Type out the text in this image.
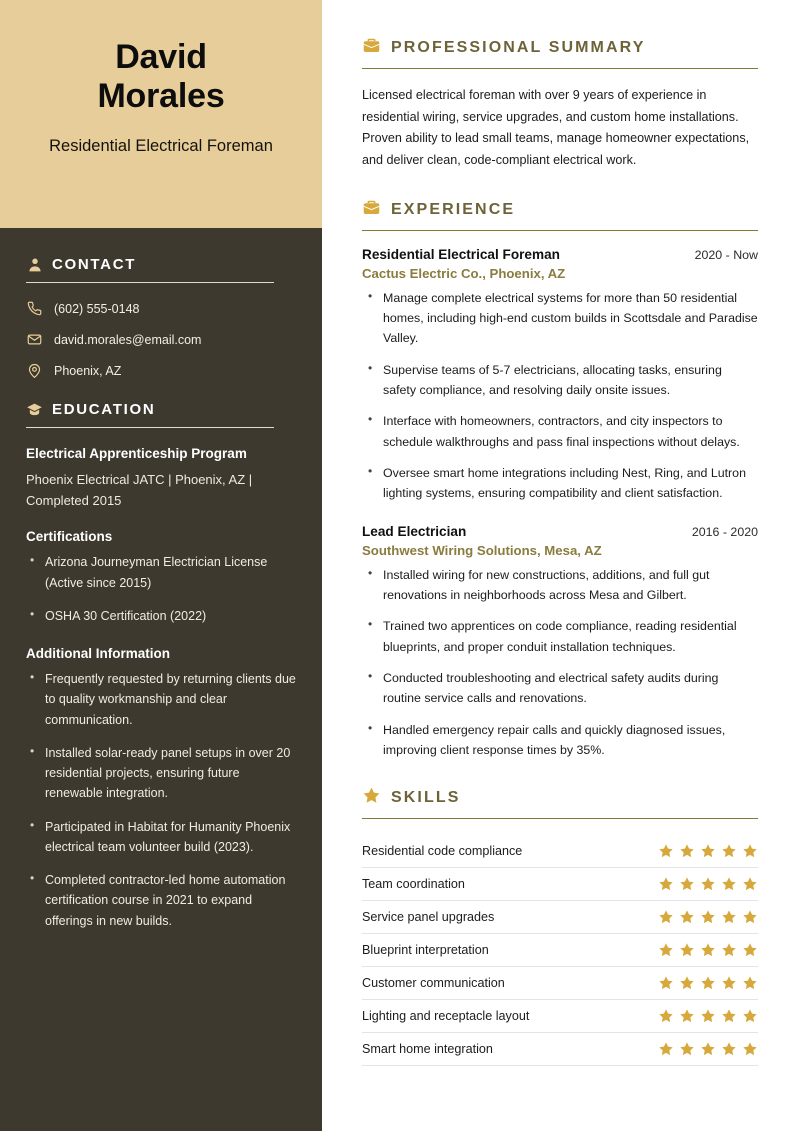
David
Morales
Residential Electrical Foreman
CONTACT
(602) 555-0148
david.morales@email.com
Phoenix, AZ
EDUCATION
Electrical Apprenticeship Program
Phoenix Electrical JATC | Phoenix, AZ | Completed 2015
Certifications
• Arizona Journeyman Electrician License (Active since 2015)
• OSHA 30 Certification (2022)
Additional Information
• Frequently requested by returning clients due to quality workmanship and clear communication.
• Installed solar-ready panel setups in over 20 residential projects, ensuring future renewable integration.
• Participated in Habitat for Humanity Phoenix electrical team volunteer build (2023).
• Completed contractor-led home automation certification course in 2021 to expand offerings in new builds.
PROFESSIONAL SUMMARY

Licensed electrical foreman with over 9 years of experience in residential wiring, service upgrades, and custom home installations. Proven ability to lead small teams, manage homeowner expectations, and deliver clean, code-compliant electrical work.

EXPERIENCE
Residential Electrical Foreman	2020 - Now
Cactus Electric Co., Phoenix, AZ
• Manage complete electrical systems for more than 50 residential homes, including high-end custom builds in Scottsdale and Paradise Valley.
• Supervise teams of 5-7 electricians, allocating tasks, ensuring safety compliance, and resolving daily onsite issues.
• Interface with homeowners, contractors, and city inspectors to schedule walkthroughs and pass final inspections without delays.
• Oversee smart home integrations including Nest, Ring, and Lutron lighting systems, ensuring compatibility and client satisfaction.
Lead Electrician	2016 - 2020
Southwest Wiring Solutions, Mesa, AZ
• Installed wiring for new constructions, additions, and full gut renovations in neighborhoods across Mesa and Gilbert.
• Trained two apprentices on code compliance, reading residential blueprints, and proper conduit installation techniques.
• Conducted troubleshooting and electrical safety audits during routine service calls and renovations.
• Handled emergency repair calls and quickly diagnosed issues, improving client response times by 35%.
SKILLS
Residential code compliance
Team coordination
Service panel upgrades
Blueprint interpretation
Customer communication
Lighting and receptacle layout
Smart home integration
